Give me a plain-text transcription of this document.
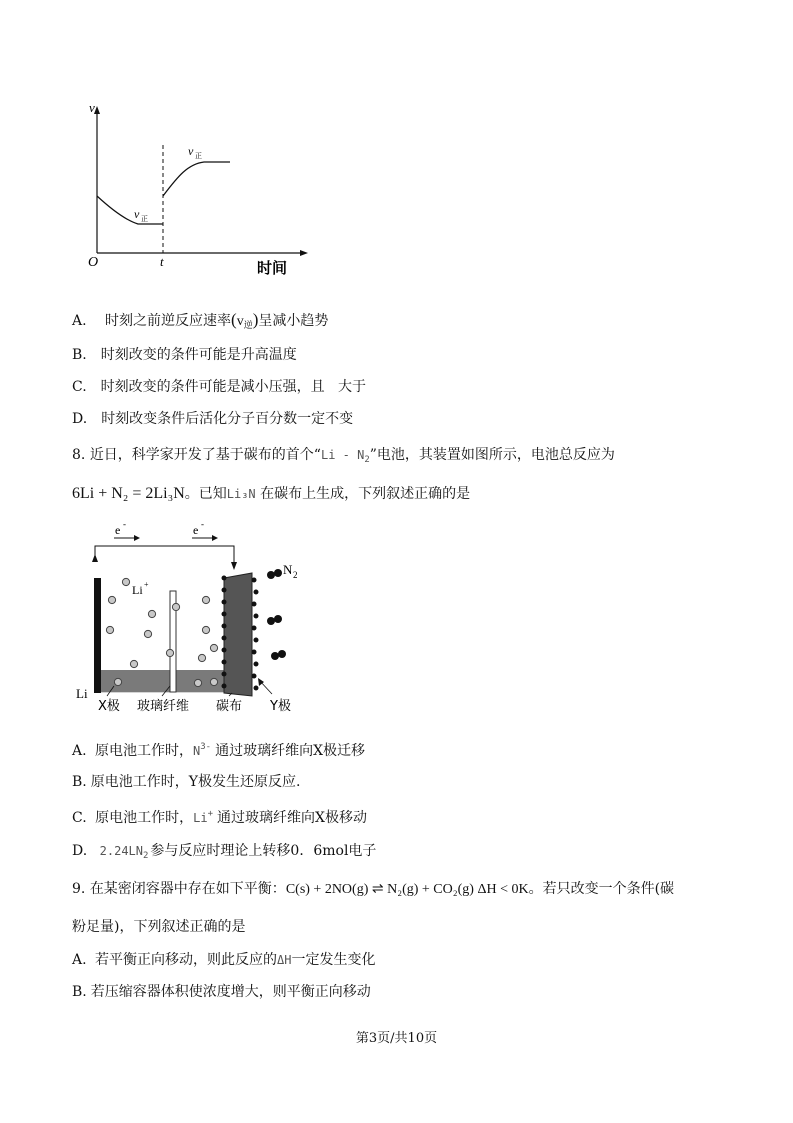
v
O	t	时间
v 正
v 正
A. 时刻之前逆反应速率$(v_逆)$呈减小趋势
B. 时刻改变的条件可能是升高温度
C. 时刻改变的条件可能是减小压强，且   大于
D. 时刻改变条件后活化分子百分数一定不变
8. 近日，科学家开发了基于碳布的首个“Li - $N_2$”电池，其装置如图所示，电池总反应为
6Li + N₂ = 2Li₃N。已知Li₃N 在碳布上生成，下列叙述正确的是
e -	e -
N 2
Li +
Li
X极 玻璃纤维 碳布 Y极
A. 原电池工作时，$N^{3-}$ 通过玻璃纤维向X极迁移
B. 原电池工作时，Y极发生还原反应.
C. 原电池工作时，Li+ 通过玻璃纤维向X极移动
D. $2.24LN_2$ 参与反应时理论上转移0．6mol电子
9. 在某密闭容器中存在如下平衡：C(s) + 2NO(g) ⇌ N₂(g) + CO₂(g) ΔH < 0K。若只改变一个条件(碳
粉足量)，下列叙述正确的是
A. 若平衡正向移动，则此反应的ΔH一定发生变化
B. 若压缩容器体积使浓度增大，则平衡正向移动
第3页/共10页
